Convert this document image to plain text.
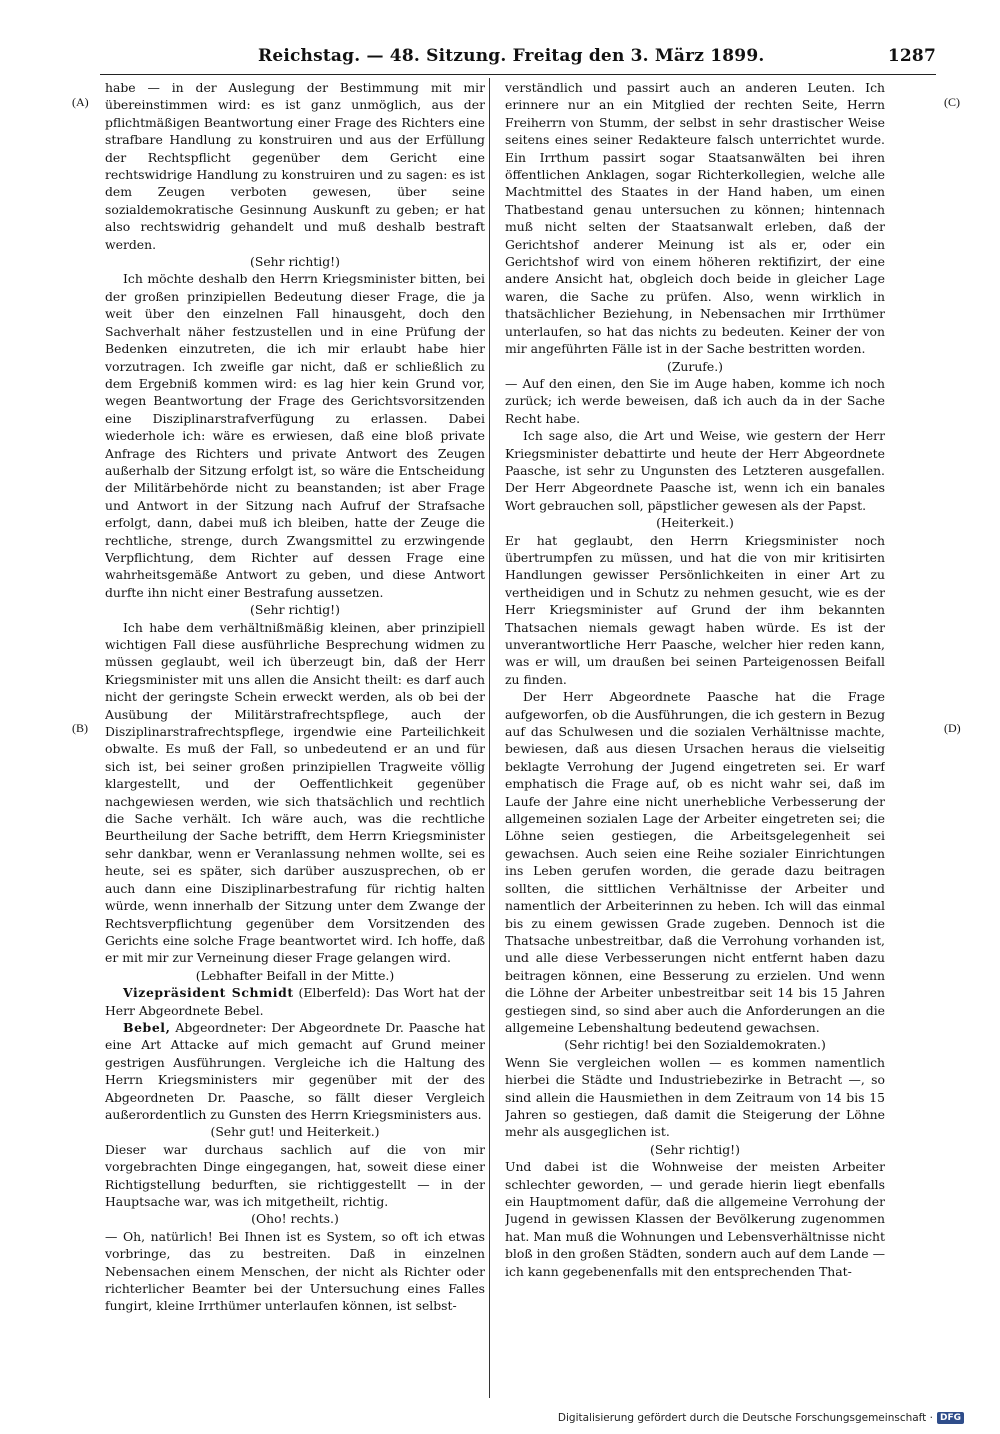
Reichstag. — 48. Sitzung. Freitag den 3. März 1899.	1287
(A)
(B)
(C)
(D)

habe — in der Auslegung der Bestimmung mit mir übereinstimmen wird: es ist ganz unmöglich, aus der pflichtmäßigen Beantwortung einer Frage des Richters eine strafbare Handlung zu konstruiren und aus der Erfüllung der Rechtspflicht gegenüber dem Gericht eine rechtswidrige Handlung zu konstruiren und zu sagen: es ist dem Zeugen verboten gewesen, über seine sozialdemokratische Gesinnung Auskunft zu geben; er hat also rechtswidrig gehandelt und muß deshalb bestraft werden.

(Sehr richtig!)

Ich möchte deshalb den Herrn Kriegsminister bitten, bei der großen prinzipiellen Bedeutung dieser Frage, die ja weit über den einzelnen Fall hinausgeht, doch den Sachverhalt näher festzustellen und in eine Prüfung der Bedenken einzutreten, die ich mir erlaubt habe hier vorzutragen. Ich zweifle gar nicht, daß er schließlich zu dem Ergebniß kommen wird: es lag hier kein Grund vor, wegen Beantwortung der Frage des Gerichtsvorsitzenden eine Disziplinarstrafverfügung zu erlassen. Dabei wiederhole ich: wäre es erwiesen, daß eine bloß private Anfrage des Richters und private Antwort des Zeugen außerhalb der Sitzung erfolgt ist, so wäre die Entscheidung der Militärbehörde nicht zu beanstanden; ist aber Frage und Antwort in der Sitzung nach Aufruf der Strafsache erfolgt, dann, dabei muß ich bleiben, hatte der Zeuge die rechtliche, strenge, durch Zwangsmittel zu erzwingende Verpflichtung, dem Richter auf dessen Frage eine wahrheitsgemäße Antwort zu geben, und diese Antwort durfte ihn nicht einer Bestrafung aussetzen.

(Sehr richtig!)

Ich habe dem verhältnißmäßig kleinen, aber prinzipiell wichtigen Fall diese ausführliche Besprechung widmen zu müssen geglaubt, weil ich überzeugt bin, daß der Herr Kriegsminister mit uns allen die Ansicht theilt: es darf auch nicht der geringste Schein erweckt werden, als ob bei der Ausübung der Militärstrafrechtspflege, auch der Disziplinarstrafrechtspflege, irgendwie eine Parteilichkeit obwalte. Es muß der Fall, so unbedeutend er an und für sich ist, bei seiner großen prinzipiellen Tragweite völlig klargestellt, und der Oeffentlichkeit gegenüber nachgewiesen werden, wie sich thatsächlich und rechtlich die Sache verhält. Ich wäre auch, was die rechtliche Beurtheilung der Sache betrifft, dem Herrn Kriegsminister sehr dankbar, wenn er Veranlassung nehmen wollte, sei es heute, sei es später, sich darüber auszusprechen, ob er auch dann eine Disziplinarbestrafung für richtig halten würde, wenn innerhalb der Sitzung unter dem Zwange der Rechtsverpflichtung gegenüber dem Vorsitzenden des Gerichts eine solche Frage beantwortet wird. Ich hoffe, daß er mit mir zur Verneinung dieser Frage gelangen wird.

(Lebhafter Beifall in der Mitte.)

Vizepräsident Schmidt (Elberfeld): Das Wort hat der Herr Abgeordnete Bebel.

Bebel, Abgeordneter: Der Abgeordnete Dr. Paasche hat eine Art Attacke auf mich gemacht auf Grund meiner gestrigen Ausführungen. Vergleiche ich die Haltung des Herrn Kriegsministers mir gegenüber mit der des Abgeordneten Dr. Paasche, so fällt dieser Vergleich außerordentlich zu Gunsten des Herrn Kriegsministers aus.

(Sehr gut! und Heiterkeit.)

Dieser war durchaus sachlich auf die von mir vorgebrachten Dinge eingegangen, hat, soweit diese einer Richtigstellung bedurften, sie richtiggestellt — in der Hauptsache war, was ich mitgetheilt, richtig.

(Oho! rechts.)

— Oh, natürlich! Bei Ihnen ist es System, so oft ich etwas vorbringe, das zu bestreiten. Daß in einzelnen Nebensachen einem Menschen, der nicht als Richter oder richterlicher Beamter bei der Untersuchung eines Falles fungirt, kleine Irrthümer unterlaufen können, ist selbst-

verständlich und passirt auch an anderen Leuten. Ich erinnere nur an ein Mitglied der rechten Seite, Herrn Freiherrn von Stumm, der selbst in sehr drastischer Weise seitens eines seiner Redakteure falsch unterrichtet wurde. Ein Irrthum passirt sogar Staatsanwälten bei ihren öffentlichen Anklagen, sogar Richterkollegien, welche alle Machtmittel des Staates in der Hand haben, um einen Thatbestand genau untersuchen zu können; hintennach muß nicht selten der Staatsanwalt erleben, daß der Gerichtshof anderer Meinung ist als er, oder ein Gerichtshof wird von einem höheren rektifizirt, der eine andere Ansicht hat, obgleich doch beide in gleicher Lage waren, die Sache zu prüfen. Also, wenn wirklich in thatsächlicher Beziehung, in Nebensachen mir Irrthümer unterlaufen, so hat das nichts zu bedeuten. Keiner der von mir angeführten Fälle ist in der Sache bestritten worden.

(Zurufe.)

— Auf den einen, den Sie im Auge haben, komme ich noch zurück; ich werde beweisen, daß ich auch da in der Sache Recht habe.

Ich sage also, die Art und Weise, wie gestern der Herr Kriegsminister debattirte und heute der Herr Abgeordnete Paasche, ist sehr zu Ungunsten des Letzteren ausgefallen. Der Herr Abgeordnete Paasche ist, wenn ich ein banales Wort gebrauchen soll, päpstlicher gewesen als der Papst.

(Heiterkeit.)

Er hat geglaubt, den Herrn Kriegsminister noch übertrumpfen zu müssen, und hat die von mir kritisirten Handlungen gewisser Persönlichkeiten in einer Art zu vertheidigen und in Schutz zu nehmen gesucht, wie es der Herr Kriegsminister auf Grund der ihm bekannten Thatsachen niemals gewagt haben würde. Es ist der unverantwortliche Herr Paasche, welcher hier reden kann, was er will, um draußen bei seinen Parteigenossen Beifall zu finden.

Der Herr Abgeordnete Paasche hat die Frage aufgeworfen, ob die Ausführungen, die ich gestern in Bezug auf das Schulwesen und die sozialen Verhältnisse machte, bewiesen, daß aus diesen Ursachen heraus die vielseitig beklagte Verrohung der Jugend eingetreten sei. Er warf emphatisch die Frage auf, ob es nicht wahr sei, daß im Laufe der Jahre eine nicht unerhebliche Verbesserung der allgemeinen sozialen Lage der Arbeiter eingetreten sei; die Löhne seien gestiegen, die Arbeitsgelegenheit sei gewachsen. Auch seien eine Reihe sozialer Einrichtungen ins Leben gerufen worden, die gerade dazu beitragen sollten, die sittlichen Verhältnisse der Arbeiter und namentlich der Arbeiterinnen zu heben. Ich will das einmal bis zu einem gewissen Grade zugeben. Dennoch ist die Thatsache unbestreitbar, daß die Verrohung vorhanden ist, und alle diese Verbesserungen nicht entfernt haben dazu beitragen können, eine Besserung zu erzielen. Und wenn die Löhne der Arbeiter unbestreitbar seit 14 bis 15 Jahren gestiegen sind, so sind aber auch die Anforderungen an die allgemeine Lebenshaltung bedeutend gewachsen.

(Sehr richtig! bei den Sozialdemokraten.)

Wenn Sie vergleichen wollen — es kommen namentlich hierbei die Städte und Industriebezirke in Betracht —, so sind allein die Hausmiethen in dem Zeitraum von 14 bis 15 Jahren so gestiegen, daß damit die Steigerung der Löhne mehr als ausgeglichen ist.

(Sehr richtig!)

Und dabei ist die Wohnweise der meisten Arbeiter schlechter geworden, — und gerade hierin liegt ebenfalls ein Hauptmoment dafür, daß die allgemeine Verrohung der Jugend in gewissen Klassen der Bevölkerung zugenommen hat. Man muß die Wohnungen und Lebensverhältnisse nicht bloß in den großen Städten, sondern auch auf dem Lande — ich kann gegebenenfalls mit den entsprechenden That-

Digitalisierung gefördert durch die Deutsche Forschungsgemeinschaft · DFG
